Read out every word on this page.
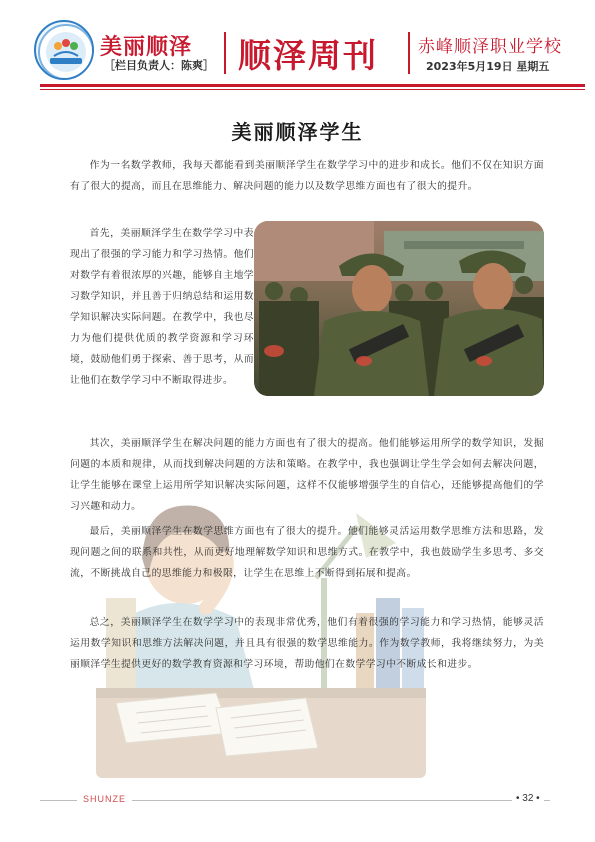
美丽顺泽
［栏目负责人：陈爽］ 顺泽周刊 赤峰顺泽职业学校
2023年5月19日 星期五
美丽顺泽学生

作为一名数学教师，我每天都能看到美丽顺泽学生在数学学习中的进步和成长。他们不仅在知识方面有了很大的提高，而且在思维能力、解决问题的能力以及数学思维方面也有了很大的提升。

首先，美丽顺泽学生在数学学习中表现出了很强的学习能力和学习热情。他们对数学有着很浓厚的兴趣，能够自主地学习数学知识，并且善于归纳总结和运用数学知识解决实际问题。在教学中，我也尽力为他们提供优质的教学资源和学习环境，鼓励他们勇于探索、善于思考，从而让他们在数学学习中不断取得进步。

其次，美丽顺泽学生在解决问题的能力方面也有了很大的提高。他们能够运用所学的数学知识，发掘问题的本质和规律，从而找到解决问题的方法和策略。在教学中，我也强调让学生学会如何去解决问题，让学生能够在课堂上运用所学知识解决实际问题，这样不仅能够增强学生的自信心，还能够提高他们的学习兴趣和动力。

最后，美丽顺泽学生在数学思维方面也有了很大的提升。他们能够灵活运用数学思维方法和思路，发现问题之间的联系和共性，从而更好地理解数学知识和思维方式。在教学中，我也鼓励学生多思考、多交流，不断挑战自己的思维能力和极限，让学生在思维上不断得到拓展和提高。

总之，美丽顺泽学生在数学学习中的表现非常优秀，他们有着很强的学习能力和学习热情，能够灵活运用数学知识和思维方法解决问题，并且具有很强的数学思维能力。作为数学教师，我将继续努力，为美丽顺泽学生提供更好的数学教育资源和学习环境，帮助他们在数学学习中不断成长和进步。

SHUNZE	• 32 •
